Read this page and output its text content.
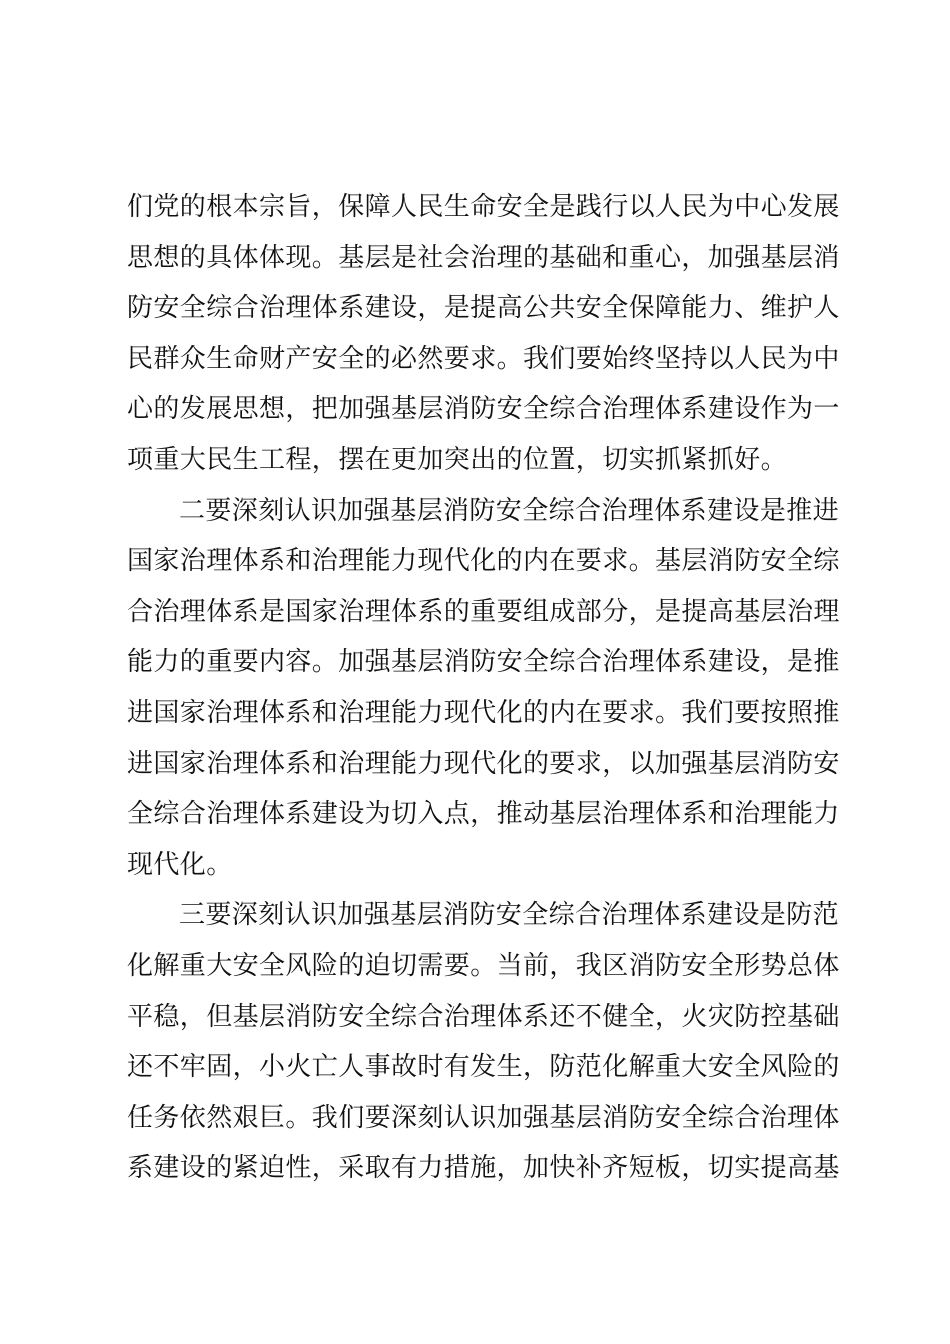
们党的根本宗旨，保障人民生命安全是践行以人民为中心发展
思想的具体体现。基层是社会治理的基础和重心，加强基层消
防安全综合治理体系建设，是提高公共安全保障能力、维护人
民群众生命财产安全的必然要求。我们要始终坚持以人民为中
心的发展思想，把加强基层消防安全综合治理体系建设作为一
项重大民生工程，摆在更加突出的位置，切实抓紧抓好。
二要深刻认识加强基层消防安全综合治理体系建设是推进
国家治理体系和治理能力现代化的内在要求。基层消防安全综
合治理体系是国家治理体系的重要组成部分，是提高基层治理
能力的重要内容。加强基层消防安全综合治理体系建设，是推
进国家治理体系和治理能力现代化的内在要求。我们要按照推
进国家治理体系和治理能力现代化的要求，以加强基层消防安
全综合治理体系建设为切入点，推动基层治理体系和治理能力
现代化。
三要深刻认识加强基层消防安全综合治理体系建设是防范
化解重大安全风险的迫切需要。当前，我区消防安全形势总体
平稳，但基层消防安全综合治理体系还不健全，火灾防控基础
还不牢固，小火亡人事故时有发生，防范化解重大安全风险的
任务依然艰巨。我们要深刻认识加强基层消防安全综合治理体
系建设的紧迫性，采取有力措施，加快补齐短板，切实提高基
